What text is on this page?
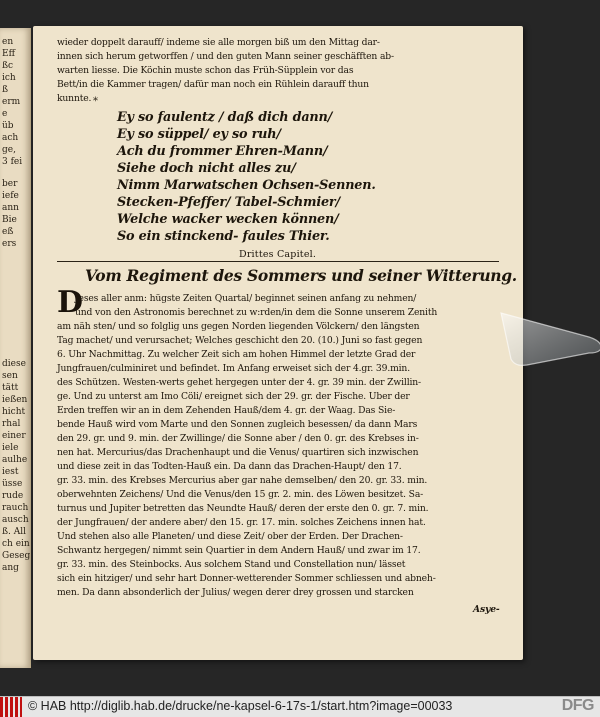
en
Eff
ßc
ich
ß
erm
e
üb
ach
ge,
3 fei
ber
iefe
ann
Bie
eß
ers
diese
sen
tätt
ießen
hicht
rhal
einer
iele
aulhe
iest
üsse
rude
rauch
ausch
ß. All
ch ein
Geseg
ang
wieder doppelt darauff/ indeme sie alle morgen biß um den Mittag dar-
innen sich herum getworffen / und den guten Mann seiner geschäfften ab-
warten liesse. Die Köchin muste schon das Früh-Süpplein vor das
Bett/in die Kammer tragen/ dafür man noch ein Rühlein darauff thun
kunnte. *
Ey so faulentz / daß dich dann/
Ey so süppel/ ey so ruh/
Ach du frommer Ehren-Mann/
Siehe doch nicht alles zu/
Nimm Marwatschen Ochsen-Sennen.
Stecken-Pfeffer/ Tabel-Schmier/
Welche wacker wecken können/
So ein stinckend- faules Thier.
Drittes Capitel.
Vom Regiment des Sommers und seiner Witterung.
D
Jeses aller anm: hügste Zeiten Quartal/ beginnet seinen anfang zu nehmen/
und von den Astronomis berechnet zu w:rden/in dem die Sonne unserem Zenith
am näh sten/ und so folglig uns gegen Norden liegenden Völckern/ den längsten
Tag machet/ und verursachet; Welches geschicht den 20. (10.) Juni so fast gegen
6. Uhr Nachmittag. Zu welcher Zeit sich am hohen Himmel der letzte Grad der
Jungfrauen/culminiret und befindet. Im Anfang erweiset sich der 4.gr. 39.min.
des Schützen. Westen-werts gehet hergegen unter der 4. gr. 39 min. der Zwillin-
ge. Und zu unterst am Imo Cöli/ ereignet sich der 29. gr. der Fische. Uber der
Erden treffen wir an in dem Zehenden Hauß/dem 4. gr. der Waag. Das Sie-
bende Hauß wird vom Marte und den Sonnen zugleich besessen/ da dann Mars
den 29. gr. und 9. min. der Zwillinge/ die Sonne aber / den 0. gr. des Krebses in-
nen hat. Mercurius/das Drachenhaupt und die Venus/ quartiren sich inzwischen
und diese zeit in das Todten-Hauß ein. Da dann das Drachen-Haupt/ den 17.
gr. 33. min. des Krebses Mercurius aber gar nahe demselben/ den 20. gr. 33. min.
oberwehnten Zeichens/ Und die Venus/den 15 gr. 2. min. des Löwen besitzet. Sa-
turnus und Jupiter betretten das Neundte Hauß/ deren der erste den 0. gr. 7. min.
der Jungfrauen/ der andere aber/ den 15. gr. 17. min. solches Zeichens innen hat.
Und stehen also alle Planeten/ und diese Zeit/ ober der Erden. Der Drachen-
Schwantz hergegen/ nimmt sein Quartier in dem Andern Hauß/ und zwar im 17.
gr. 33. min. des Steinbocks. Aus solchem Stand und Constellation nun/ lässet
sich ein hitziger/ und sehr hart Donner-wetterender Sommer schliessen und abneh-
men. Da dann absonderlich der Julius/ wegen derer drey grossen und starcken
Asye-
© HAB http://diglib.hab.de/drucke/ne-kapsel-6-17s-1/start.htm?image=00033	DFG
